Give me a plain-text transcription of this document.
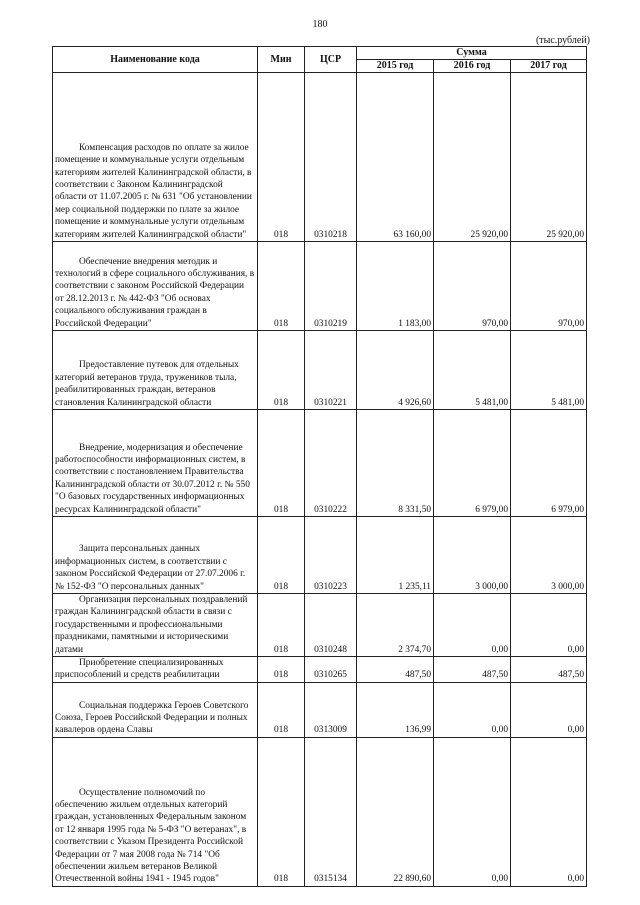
180
(тыс.рублей)
Наименование кода	Мин	ЦСР	Сумма		
			2015 год	2016 год	2017 год
Компенсация расходов по оплате за жилое помещение и коммунальные услуги отдельным категориям жителей Калининградской области, в соответствии с Законом Калининградской области от 11.07.2005 г. № 631 "Об установлении мер социальной поддержки по плате за жилое помещение и коммунальные услуги отдельным категориям жителей Калининградской области"	018	0310218	63 160,00	25 920,00	25 920,00
Обеспечение внедрения методик и технологий в сфере социального обслуживания, в соответствии с законом Российской Федерации от 28.12.2013 г. № 442-ФЗ "Об основах социального обслуживания граждан в Российской Федерации"	018	0310219	1 183,00	970,00	970,00
Предоставление путевок для отдельных категорий ветеранов труда, тружеников тыла, реабилитированных граждан, ветеранов становления Калининградской области	018	0310221	4 926,60	5 481,00	5 481,00
Внедрение, модернизация и обеспечение работоспособности информационных систем, в соответствии с постановлением Правительства Калининградской области от 30.07.2012 г. № 550 "О базовых государственных информационных ресурсах Калининградской области"	018	0310222	8 331,50	6 979,00	6 979,00
Защита персональных данных информационных систем, в соответствии с законом Российской Федерации от 27.07.2006 г. № 152-ФЗ "О персональных данных"	018	0310223	1 235,11	3 000,00	3 000,00
Организация персональных поздравлений граждан Калининградской области в связи с государственными и профессиональными праздниками, памятными и историческими датами	018	0310248	2 374,70	0,00	0,00
Приобретение специализированных приспособлений и средств реабилитации	018	0310265	487,50	487,50	487,50
Социальная поддержка Героев Советского Союза, Героев Российской Федерации и полных кавалеров ордена Славы	018	0313009	136,99	0,00	0,00
Осуществление полномочий по обеспечению жильем отдельных категорий граждан, установленных Федеральным законом от 12 января 1995 года № 5-ФЗ "О ветеранах", в соответствии с Указом Президента Российской Федерации от 7 мая 2008 года № 714 "Об обеспечении жильем ветеранов Великой Отечественной войны 1941 - 1945 годов"	018	0315134	22 890,60	0,00	0,00
